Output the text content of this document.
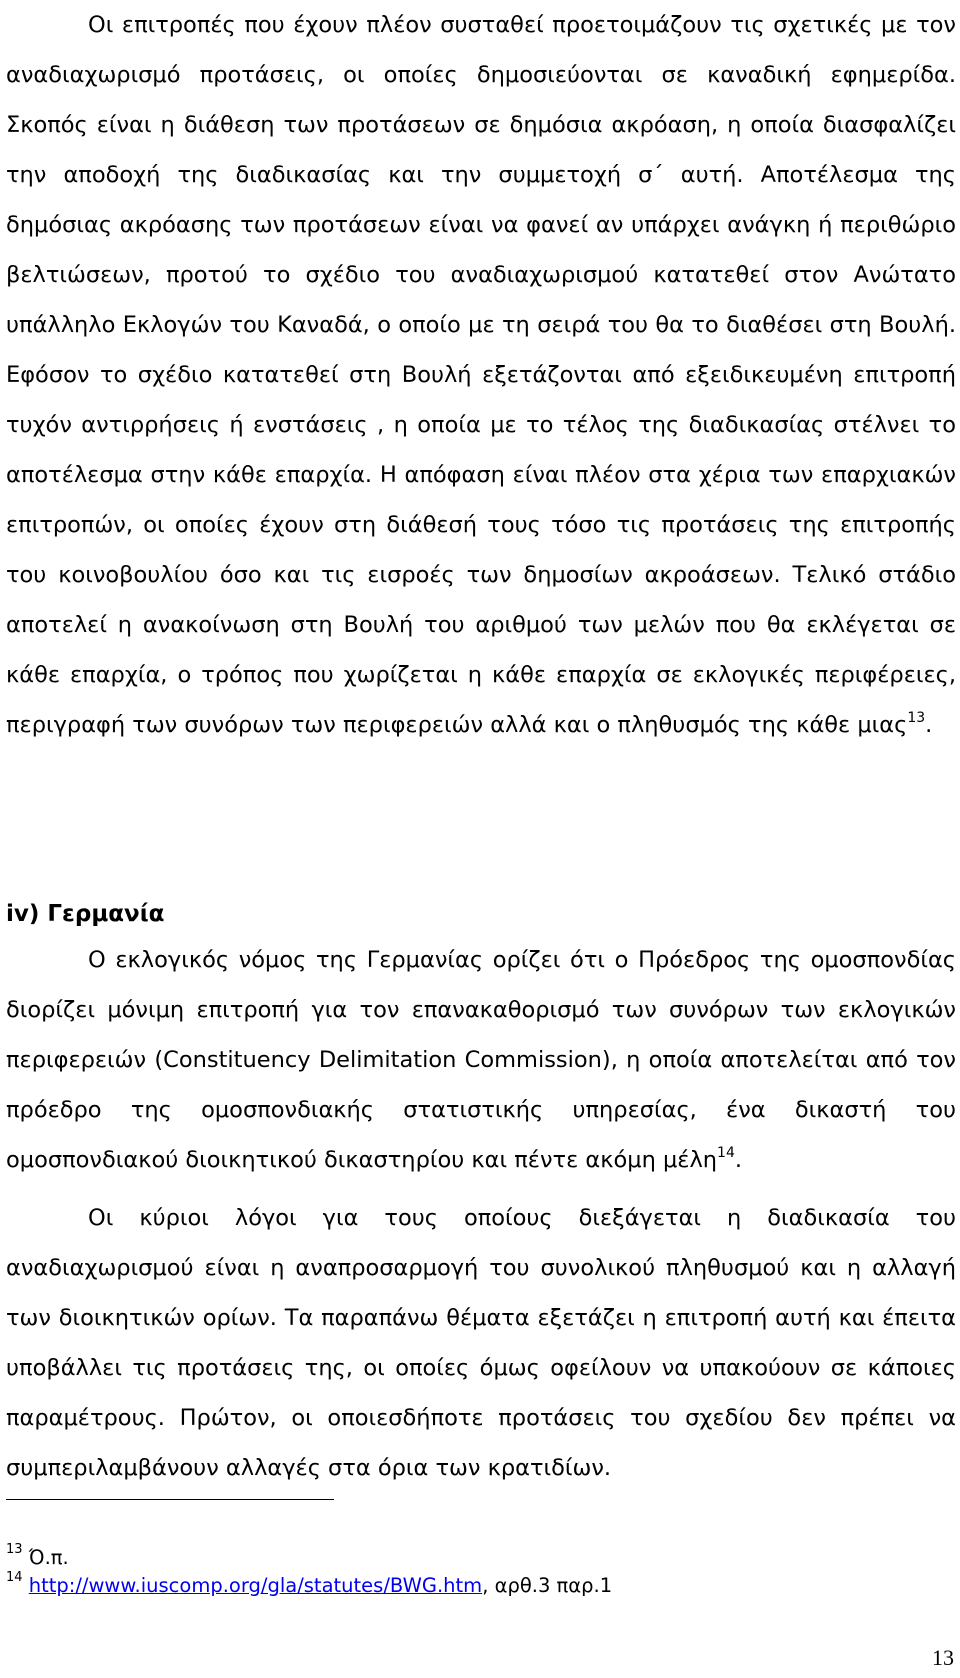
Οι επιτροπές που έχουν πλέον συσταθεί προετοιμάζουν τις σχετικές με τον αναδιαχωρισμό προτάσεις, οι οποίες δημοσιεύονται σε καναδική εφημερίδα. Σκοπός είναι η διάθεση των προτάσεων σε δημόσια ακρόαση, η οποία διασφαλίζει την αποδοχή της διαδικασίας και την συμμετοχή σ΄ αυτή. Αποτέλεσμα της δημόσιας ακρόασης των προτάσεων είναι να φανεί αν υπάρχει ανάγκη ή περιθώριο βελτιώσεων, προτού το σχέδιο του αναδιαχωρισμού κατατεθεί στον Ανώτατο υπάλληλο Εκλογών του Καναδά, ο οποίο με τη σειρά του θα το διαθέσει στη Βουλή. Εφόσον το σχέδιο κατατεθεί στη Βουλή εξετάζονται από εξειδικευμένη επιτροπή τυχόν αντιρρήσεις ή ενστάσεις , η οποία με το τέλος της διαδικασίας στέλνει το αποτέλεσμα στην κάθε επαρχία. Η απόφαση είναι πλέον στα χέρια των επαρχιακών επιτροπών, οι οποίες έχουν στη διάθεσή τους τόσο τις προτάσεις της επιτροπής του κοινοβουλίου όσο και τις εισροές των δημοσίων ακροάσεων. Τελικό στάδιο αποτελεί η ανακοίνωση στη Βουλή του αριθμού των μελών που θα εκλέγεται σε κάθε επαρχία, ο τρόπος που χωρίζεται η κάθε επαρχία σε εκλογικές περιφέρειες, περιγραφή των συνόρων των περιφερειών αλλά και ο πληθυσμός της κάθε μιας$^{13}$.

iv) Γερμανία

Ο εκλογικός νόμος της Γερμανίας ορίζει ότι ο Πρόεδρος της ομοσπονδίας διορίζει μόνιμη επιτροπή για τον επανακαθορισμό των συνόρων των εκλογικών περιφερειών (Constituency Delimitation Commission), η οποία αποτελείται από τον πρόεδρο της ομοσπονδιακής στατιστικής υπηρεσίας, ένα δικαστή του ομοσπονδιακού διοικητικού δικαστηρίου και πέντε ακόμη μέλη$^{14}$.

Οι κύριοι λόγοι για τους οποίους διεξάγεται η διαδικασία του αναδιαχωρισμού είναι η αναπροσαρμογή του συνολικού πληθυσμού και η αλλαγή των διοικητικών ορίων. Τα παραπάνω θέματα εξετάζει η επιτροπή αυτή και έπειτα υποβάλλει τις προτάσεις της, οι οποίες όμως οφείλουν να υπακούουν σε κάποιες παραμέτρους. Πρώτον, οι οποιεσδήποτε προτάσεις του σχεδίου δεν πρέπει να συμπεριλαμβάνουν αλλαγές στα όρια των κρατιδίων.

$^{13}$ Ό.π.

$^{14}$ http://www.iuscomp.org/gla/statutes/BWG.htm, αρθ.3 παρ.1

13
